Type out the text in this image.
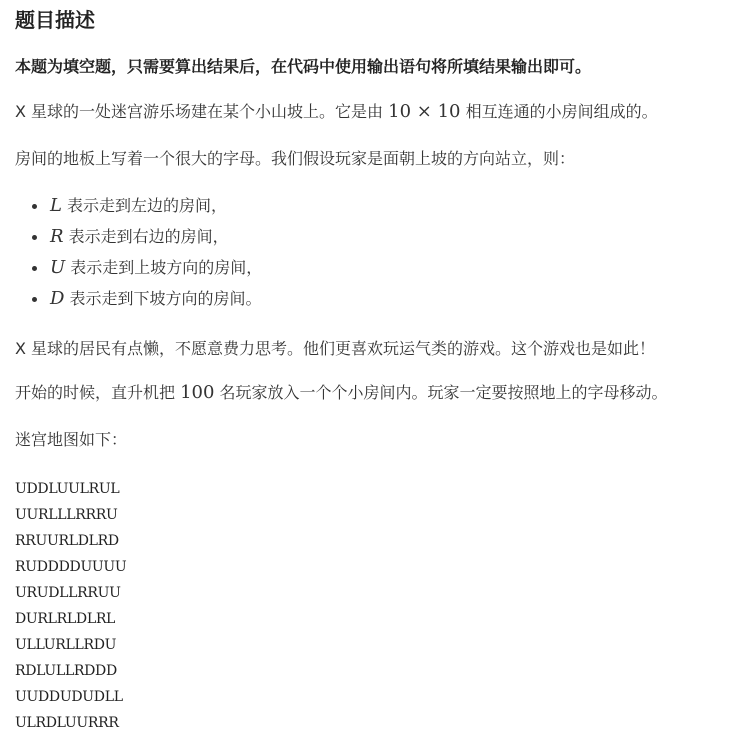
题目描述
本题为填空题，只需要算出结果后，在代码中使用输出语句将所填结果输出即可。
X 星球的一处迷宫游乐场建在某个小山坡上。它是由 10 × 10 相互连通的小房间组成的。
房间的地板上写着一个很大的字母。我们假设玩家是面朝上坡的方向站立，则：
L 表示走到左边的房间，
R 表示走到右边的房间，
U 表示走到上坡方向的房间，
D 表示走到下坡方向的房间。
X 星球的居民有点懒，不愿意费力思考。他们更喜欢玩运气类的游戏。这个游戏也是如此！
开始的时候，直升机把 100 名玩家放入一个个小房间内。玩家一定要按照地上的字母移动。
迷宫地图如下：
UDDLUULRUL
UURLLLRRRU
RRUURLDLRD
RUDDDDUUUU
URUDLLRRUU
DURLRLDLRL
ULLURLLRDU
RDLULLRDDD
UUDDUDUDLL
ULRDLUURRR
